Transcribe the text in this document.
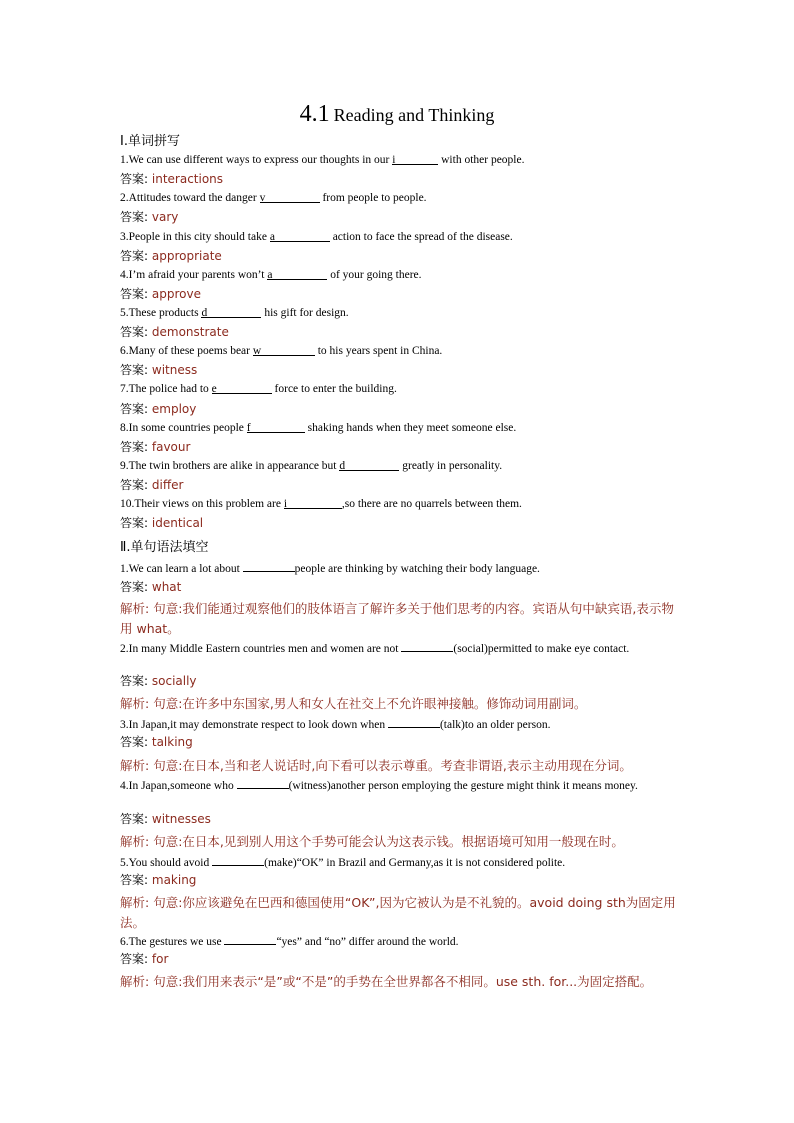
4.1 Reading and Thinking
Ⅰ.单词拼写
1.We can use different ways to express our thoughts in our i	with other people.
答案: interactions
2.Attitudes toward the danger v	from people to people.
答案: vary
3.People in this city should take a	action to face the spread of the disease.
答案: appropriate
4.I’m afraid your parents won’t a	of your going there.
答案: approve
5.These products d	his gift for design.
答案: demonstrate
6.Many of these poems bear w	to his years spent in China.
答案: witness
7.The police had to e	force to enter the building.
答案: employ
8.In some countries people f	shaking hands when they meet someone else.
答案: favour
9.The twin brothers are alike in appearance but d	greatly in personality.
答案: differ
10.Their views on this problem are i	,so there are no quarrels between them.
答案: identical
Ⅱ.单句语法填空
1.We can learn a lot about	people are thinking by watching their body language.
答案: what
解析: 句意:我们能通过观察他们的肢体语言了解许多关于他们思考的内容。宾语从句中缺宾语,表示物用 what。
2.In many Middle Eastern countries men and women are not	(social)permitted to make eye contact.
答案: socially
解析: 句意:在许多中东国家,男人和女人在社交上不允许眼神接触。修饰动词用副词。
3.In Japan,it may demonstrate respect to look down when	(talk)to an older person.
答案: talking
解析: 句意:在日本,当和老人说话时,向下看可以表示尊重。考查非谓语,表示主动用现在分词。
4.In Japan,someone who	(witness)another person employing the gesture might think it means money.
答案: witnesses
解析: 句意:在日本,见到别人用这个手势可能会认为这表示钱。根据语境可知用一般现在时。
5.You should avoid	(make)“OK” in Brazil and Germany,as it is not considered polite.
答案: making
解析: 句意:你应该避免在巴西和德国使用“OK”,因为它被认为是不礼貌的。avoid doing sth为固定用法。
6.The gestures we use	“yes” and “no” differ around the world.
答案: for
解析: 句意:我们用来表示“是”或“不是”的手势在全世界都各不相同。use sth. for...为固定搭配。
